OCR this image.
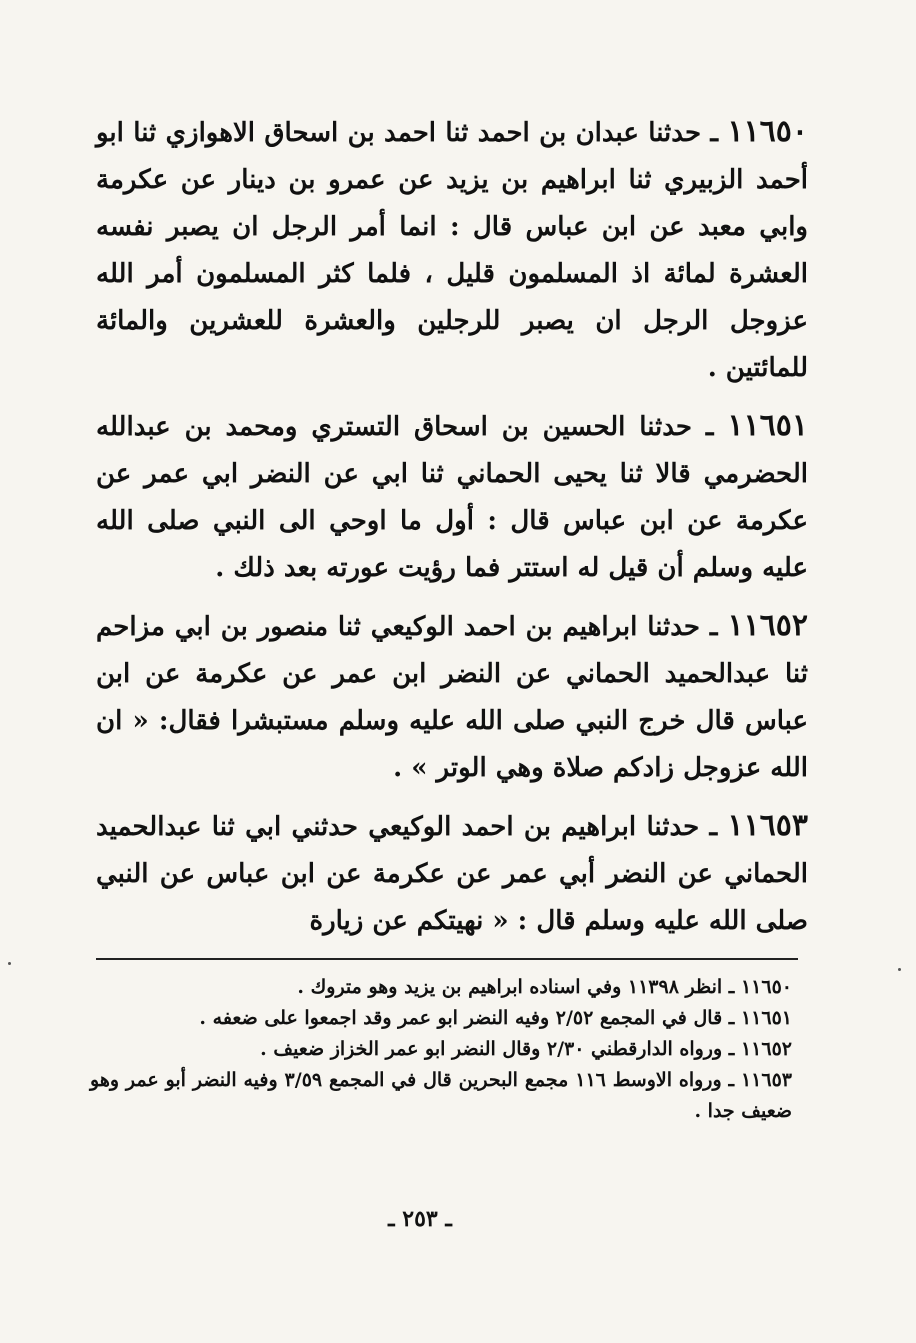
١١٦٥٠ ـ حدثنا عبدان بن احمد ثنا احمد بن اسحاق الاهوازي ثنا ابو أحمد الزبيري ثنا ابراهيم بن يزيد عن عمرو بن دينار عن عكرمة وابي معبد عن ابن عباس قال : انما أمر الرجل ان يصبر نفسه العشرة لمائة اذ المسلمون قليل ، فلما كثر المسلمون أمر الله عزوجل الرجل ان يصبر للرجلين والعشرة للعشرين والمائة للمائتين .

١١٦٥١ ـ حدثنا الحسين بن اسحاق التستري ومحمد بن عبدالله الحضرمي قالا ثنا يحيى الحماني ثنا ابي عن النضر ابي عمر عن عكرمة عن ابن عباس قال : أول ما اوحي الى النبي صلى الله عليه وسلم أن قيل له استتر فما رؤيت عورته بعد ذلك .

١١٦٥٢ ـ حدثنا ابراهيم بن احمد الوكيعي ثنا منصور بن ابي مزاحم ثنا عبدالحميد الحماني عن النضر ابن عمر عن عكرمة عن ابن عباس قال خرج النبي صلى الله عليه وسلم مستبشرا فقال: « ان الله عزوجل زادكم صلاة وهي الوتر » .

١١٦٥٣ ـ حدثنا ابراهيم بن احمد الوكيعي حدثني ابي ثنا عبدالحميد الحماني عن النضر أبي عمر عن عكرمة عن ابن عباس عن النبي صلى الله عليه وسلم قال : « نهيتكم عن زيارة

١١٦٥٠ ـ انظر ١١٣٩٨ وفي اسناده ابراهيم بن يزيد وهو متروك .

١١٦٥١ ـ قال في المجمع ٢/٥٢ وفيه النضر ابو عمر وقد اجمعوا على ضعفه .

١١٦٥٢ ـ ورواه الدارقطني ٢/٣٠ وقال النضر ابو عمر الخزاز ضعيف .

١١٦٥٣ ـ ورواه الاوسط ١١٦ مجمع البحرين قال في المجمع ٣/٥٩ وفيه النضر أبو عمر وهو ضعيف جدا .

ـ ٢٥٣ ـ
